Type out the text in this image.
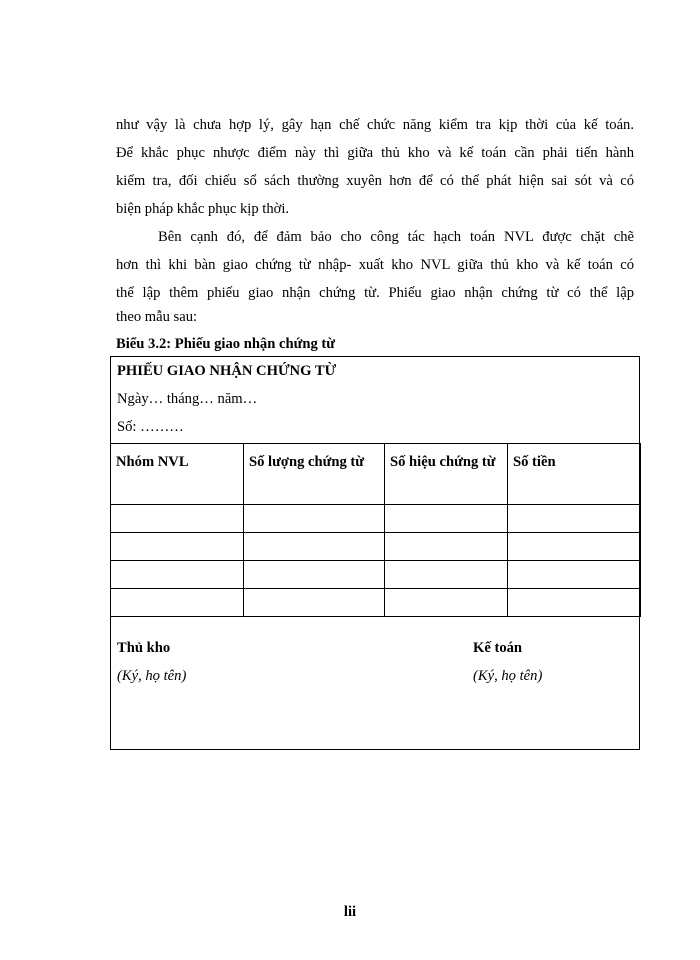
như vậy là chưa hợp lý, gây hạn chế chức năng kiểm tra kịp thời của kế toán.
Để khắc phục nhược điểm này thì giữa thủ kho và kế toán cần phải tiến hành
kiểm tra, đối chiếu sổ sách thường xuyên hơn để có thể phát hiện sai sót và có
biện pháp khắc phục kịp thời.
Bên cạnh đó, để đảm bảo cho công tác hạch toán NVL được chặt chẽ
hơn thì khi bàn giao chứng từ nhập- xuất kho NVL giữa thủ kho và kế toán có
thể lập thêm phiếu giao nhận chứng từ. Phiếu giao nhận chứng từ có thể lập
theo mẫu sau:
Biểu 3.2: Phiếu giao nhận chứng từ
PHIẾU GIAO NHẬN CHỨNG TỪ
Ngày… tháng… năm…
Số: ………
Nhóm NVL	Số lượng chứng từ	Số hiệu chứng từ	Số tiền

Thủ kho
(Ký, họ tên)
Kế toán
(Ký, họ tên)
lii
